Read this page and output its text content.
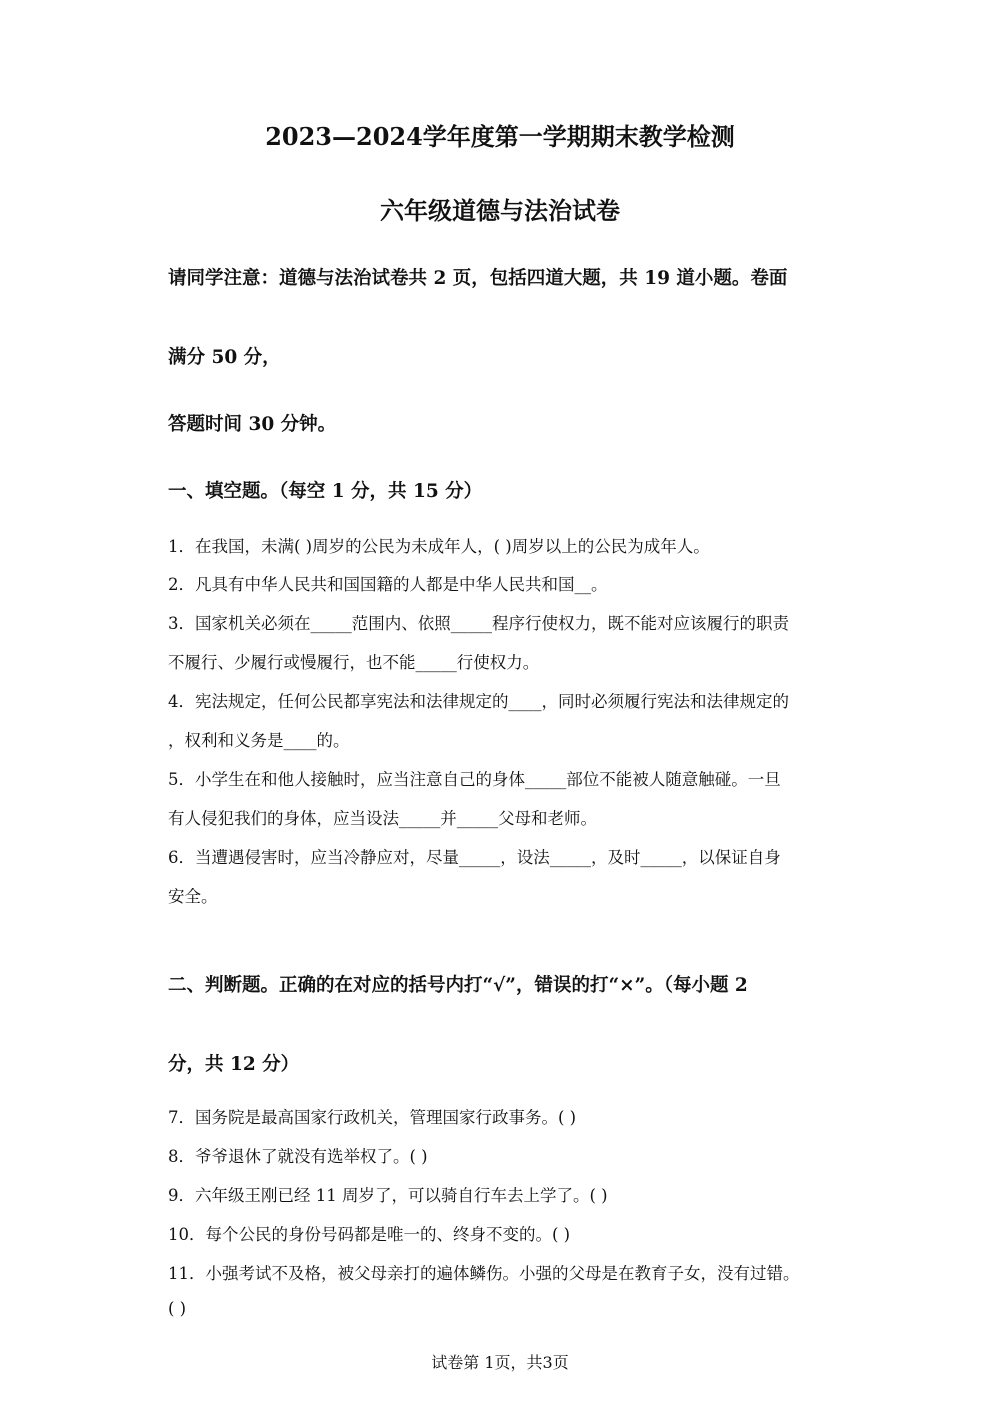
2023—2024学年度第一学期期末教学检测
六年级道德与法治试卷
请同学注意：道德与法治试卷共 2 页，包括四道大题，共 19 道小题。卷面
满分 50 分，
答题时间 30 分钟。
一、填空题。（每空 1 分，共 15 分）
1．在我国，未满( )周岁的公民为未成年人，( )周岁以上的公民为成年人。
2．凡具有中华人民共和国国籍的人都是中华人民共和国__。
3．国家机关必须在_____范围内、依照_____程序行使权力，既不能对应该履行的职责
不履行、少履行或慢履行，也不能_____行使权力。
4．宪法规定，任何公民都享宪法和法律规定的____，同时必须履行宪法和法律规定的
，权利和义务是____的。
5．小学生在和他人接触时，应当注意自己的身体_____部位不能被人随意触碰。一旦
有人侵犯我们的身体，应当设法_____并_____父母和老师。
6．当遭遇侵害时，应当冷静应对，尽量_____，设法_____，及时_____，以保证自身
安全。
二、判断题。正确的在对应的括号内打“√”，错误的打“×”。（每小题 2
分，共 12 分）
7．国务院是最高国家行政机关，管理国家行政事务。( )
8．爷爷退休了就没有选举权了。( )
9．六年级王刚已经 11 周岁了，可以骑自行车去上学了。( )
10．每个公民的身份号码都是唯一的、终身不变的。( )
11．小强考试不及格，被父母亲打的遍体鳞伤。小强的父母是在教育子女，没有过错。
( )
试卷第 1页，共3页
